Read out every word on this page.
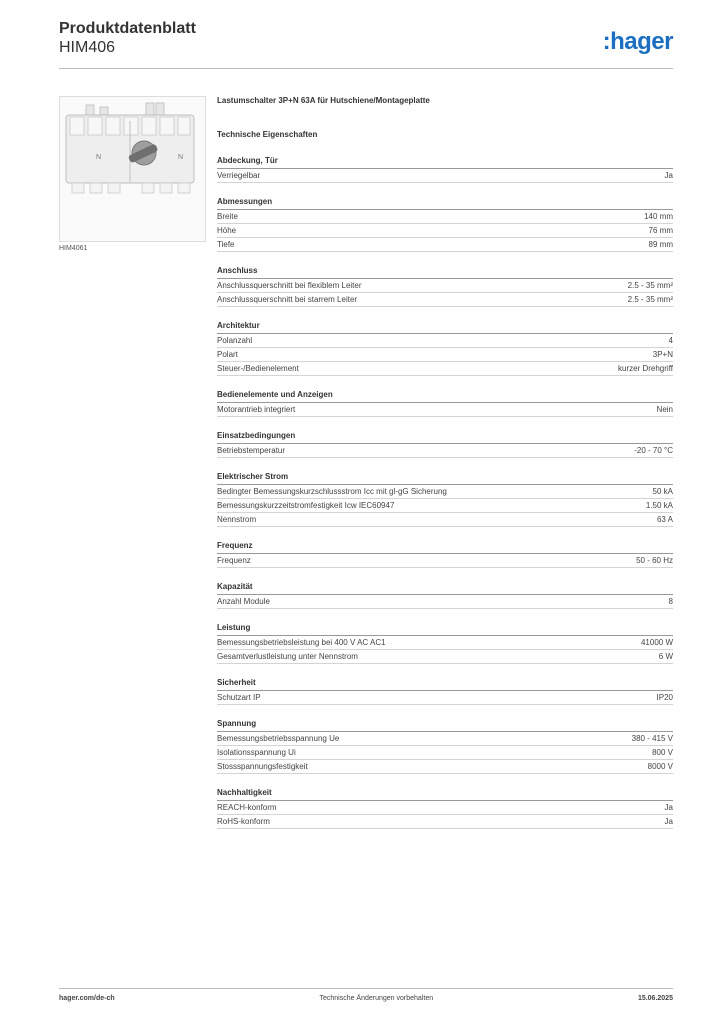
Produktdatenblatt
HIM406	:hager
N	N
HIM4061
Lastumschalter 3P+N 63A für Hutschiene/Montageplatte
Technische Eigenschaften
Abdeckung, Tür
Verriegelbar	Ja
Abmessungen
Breite	140 mm
Höhe	76 mm
Tiefe	89 mm
Anschluss
Anschlussquerschnitt bei flexiblem Leiter	2.5 - 35 mm²
Anschlussquerschnitt bei starrem Leiter	2.5 - 35 mm²
Architektur
Polanzahl	4
Polart	3P+N
Steuer-/Bedienelement	kurzer Drehgriff
Bedienelemente und Anzeigen
Motorantrieb integriert	Nein
Einsatzbedingungen
Betriebstemperatur	-20 - 70 °C
Elektrischer Strom
Bedingter Bemessungskurzschlussstrom Icc mit gl-gG Sicherung	50 kA
Bemessungskurzzeitstromfestigkeit Icw IEC60947	1.50 kA
Nennstrom	63 A
Frequenz
Frequenz	50 - 60 Hz
Kapazität
Anzahl Module	8
Leistung
Bemessungsbetriebsleistung bei 400 V AC AC1	41000 W
Gesamtverlustleistung unter Nennstrom	6 W
Sicherheit
Schutzart IP	IP20
Spannung
Bemessungsbetriebsspannung Ue	380 - 415 V
Isolationsspannung Ui	800 V
Stossspannungsfestigkeit	8000 V
Nachhaltigkeit
REACH-konform	Ja
RoHS-konform	Ja
hager.com/de-ch	Technische Änderungen vorbehalten	15.06.2025
